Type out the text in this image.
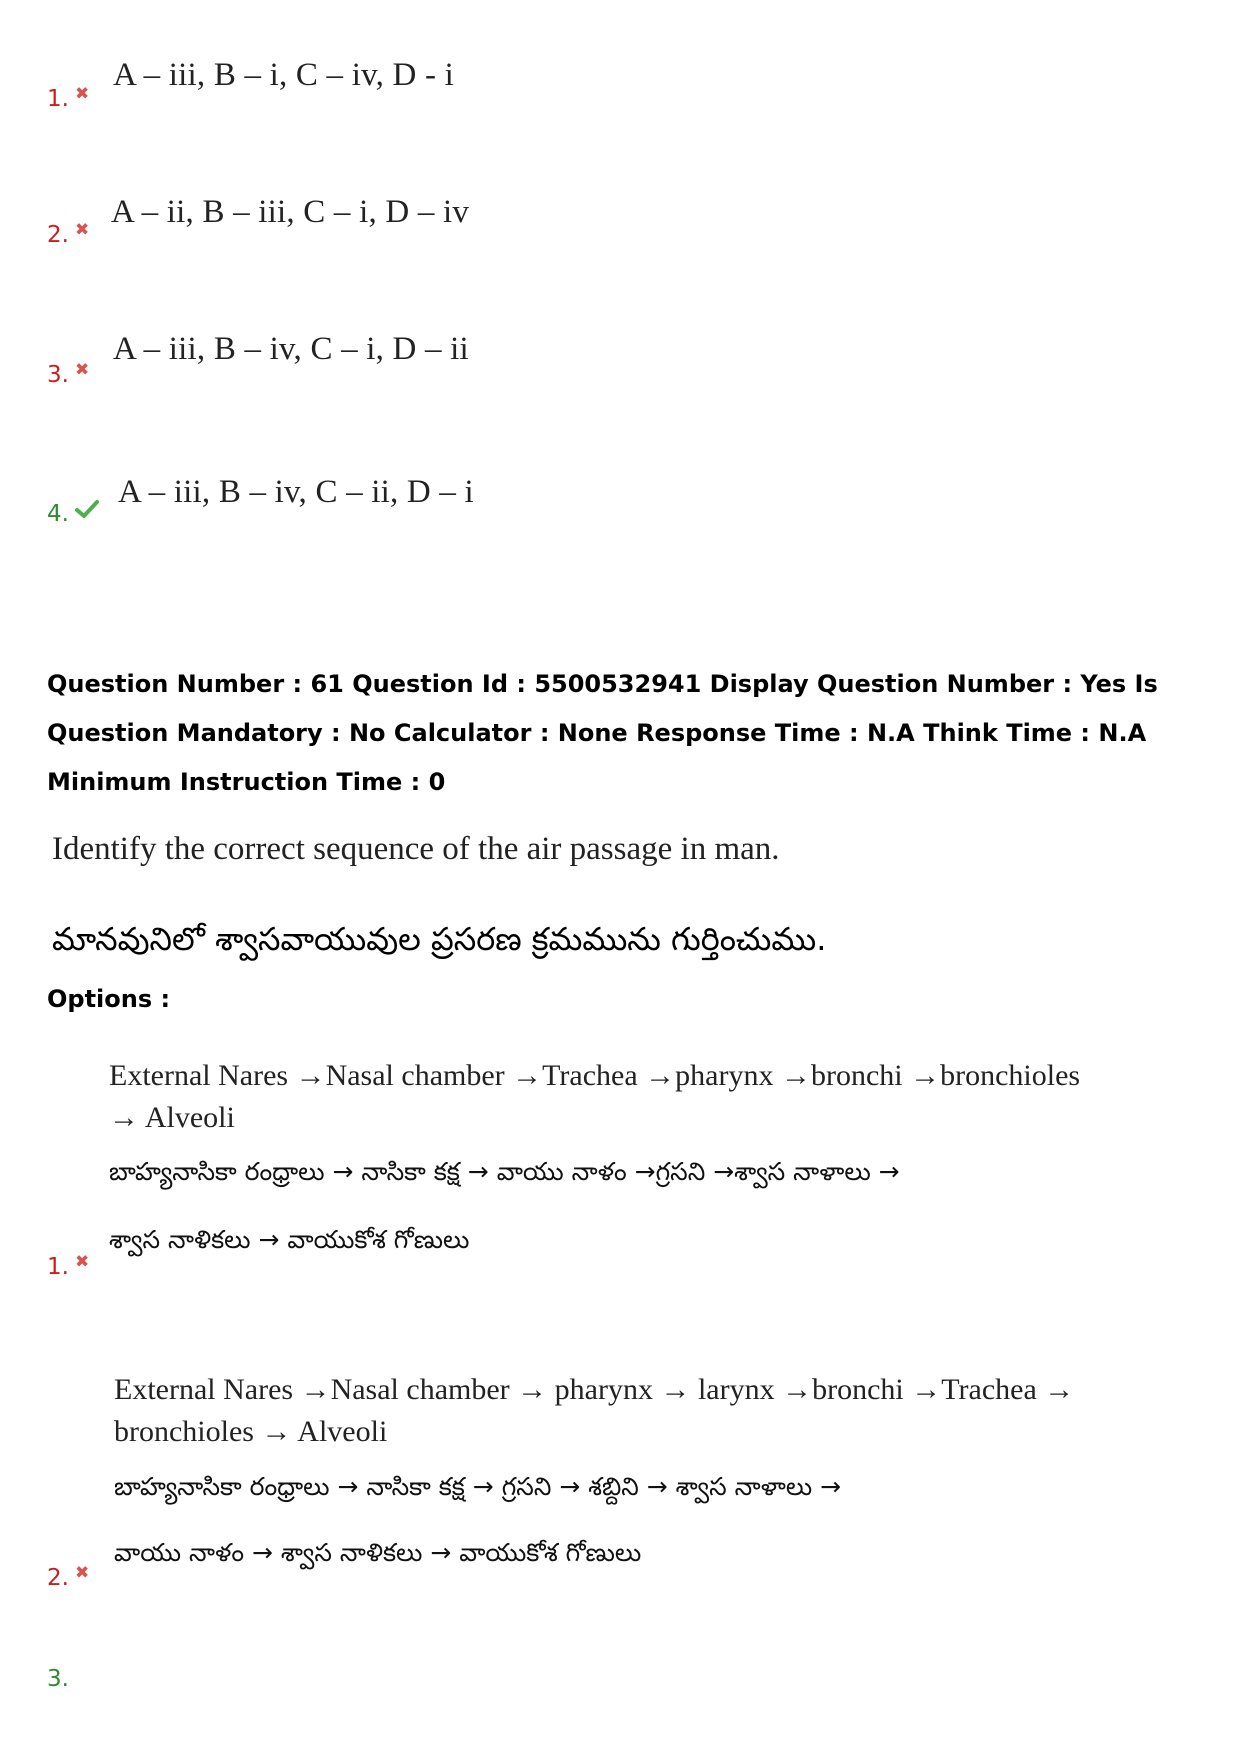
1. ✖
A – iii, B – i, C – iv, D - i
2. ✖ A – ii, B – iii, C – i, D – iv
3. ✖
A – iii, B – iv, C – i, D – ii
4.
A – iii, B – iv, C – ii, D – i
Question Number : 61 Question Id : 5500532941 Display Question Number : Yes Is Question Mandatory : No Calculator : None Response Time : N.A Think Time : N.A Minimum Instruction Time : 0
Identify the correct sequence of the air passage in man.
మానవునిలో శ్వాసవాయువుల ప్రసరణ క్రమమును గుర్తించుము.
Options :
External Nares →Nasal chamber →Trachea →pharynx →bronchi →bronchioles
→ Alveoli
బాహ్యనాసికా రంధ్రాలు → నాసికా కక్ష → వాయు నాళం →గ్రసని →శ్వాస నాళాలు →
శ్వాస నాళికలు → వాయుకోశ గోణులు
1. ✖
External Nares →Nasal chamber → pharynx → larynx →bronchi →Trachea →
bronchioles → Alveoli
బాహ్యనాసికా రంధ్రాలు → నాసికా కక్ష → గ్రసని → శబ్దిని → శ్వాస నాళాలు →
వాయు నాళం → శ్వాస నాళికలు → వాయుకోశ గోణులు
2. ✖
3.
